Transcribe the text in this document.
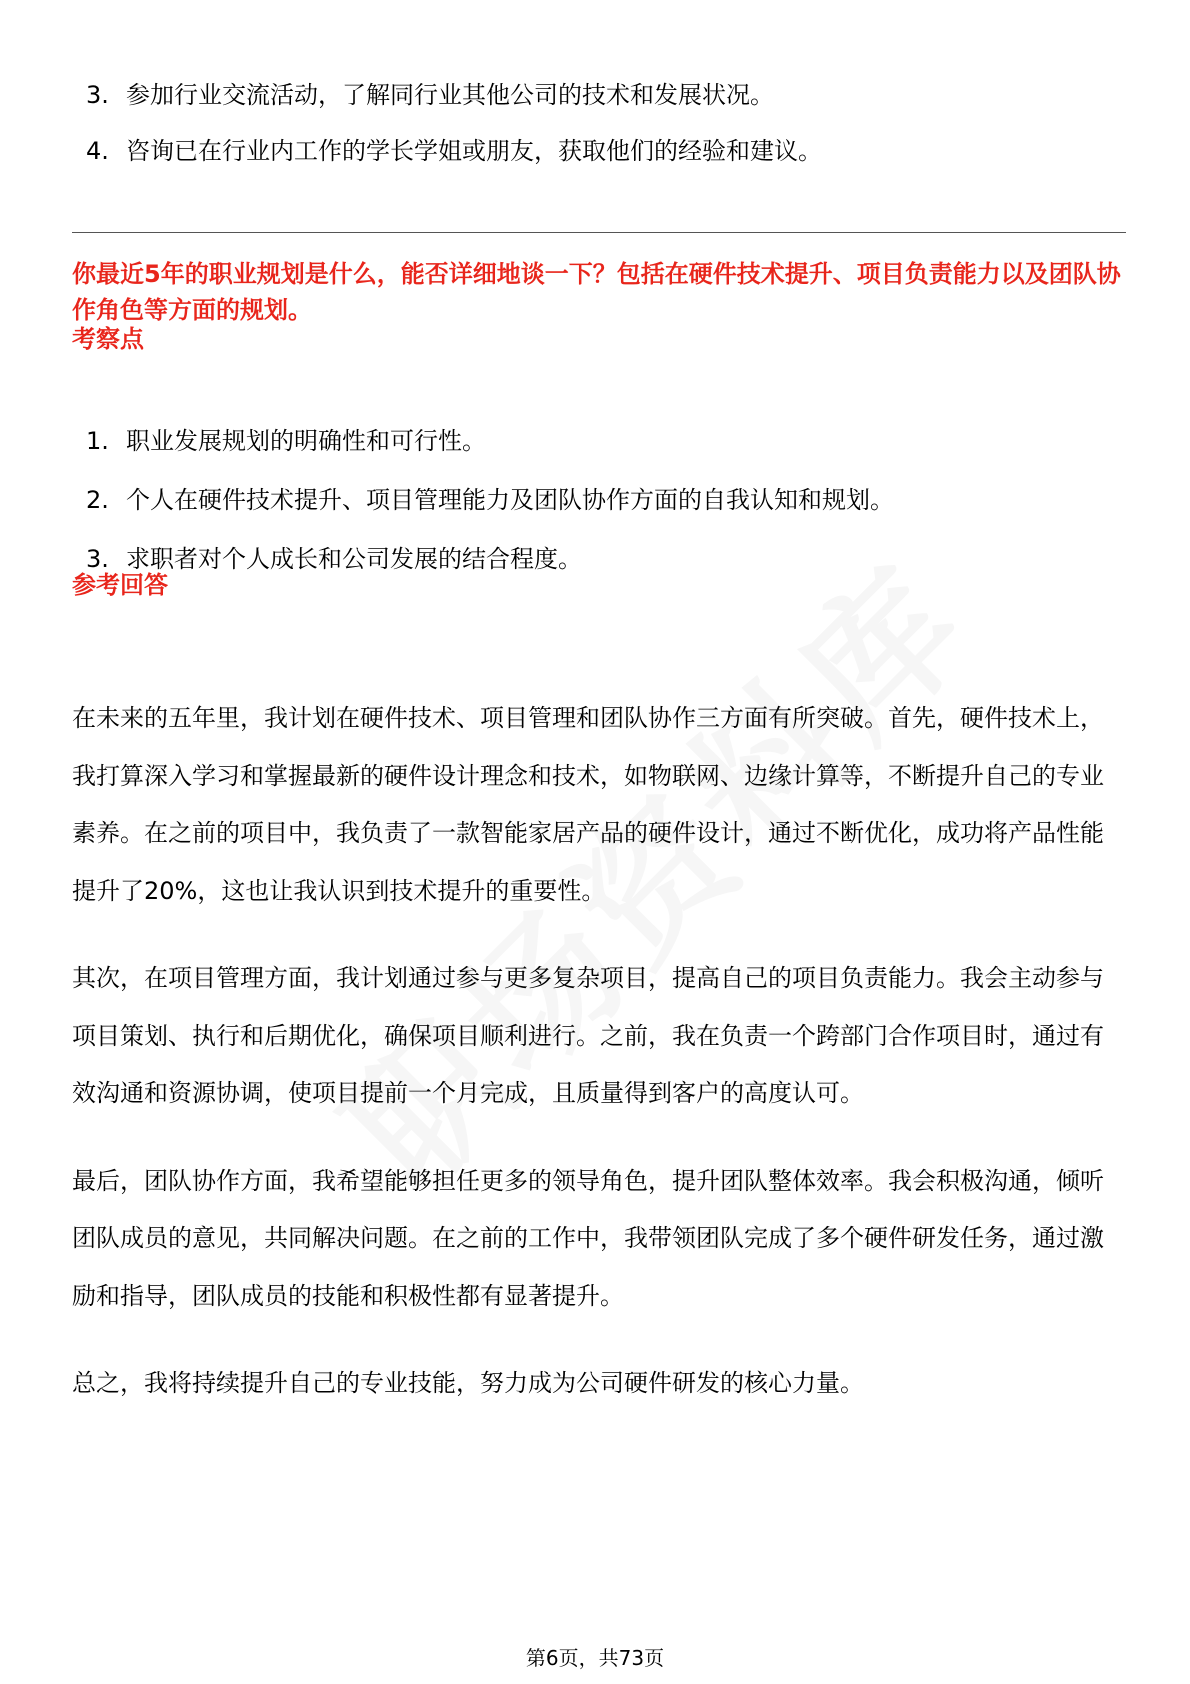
3. 参加行业交流活动，了解同行业其他公司的技术和发展状况。
4. 咨询已在行业内工作的学长学姐或朋友，获取他们的经验和建议。
你最近5年的职业规划是什么，能否详细地谈一下？包括在硬件技术提升、项目负责能力以及团队协作角色等方面的规划。
考察点
1. 职业发展规划的明确性和可行性。
2. 个人在硬件技术提升、项目管理能力及团队协作方面的自我认知和规划。
3. 求职者对个人成长和公司发展的结合程度。
参考回答

在未来的五年里，我计划在硬件技术、项目管理和团队协作三方面有所突破。首先，硬件技术上，我打算深入学习和掌握最新的硬件设计理念和技术，如物联网、边缘计算等，不断提升自己的专业素养。在之前的项目中，我负责了一款智能家居产品的硬件设计，通过不断优化，成功将产品性能提升了20%，这也让我认识到技术提升的重要性。

其次，在项目管理方面，我计划通过参与更多复杂项目，提高自己的项目负责能力。我会主动参与项目策划、执行和后期优化，确保项目顺利进行。之前，我在负责一个跨部门合作项目时，通过有效沟通和资源协调，使项目提前一个月完成，且质量得到客户的高度认可。

最后，团队协作方面，我希望能够担任更多的领导角色，提升团队整体效率。我会积极沟通，倾听团队成员的意见，共同解决问题。在之前的工作中，我带领团队完成了多个硬件研发任务，通过激励和指导，团队成员的技能和积极性都有显著提升。

总之，我将持续提升自己的专业技能，努力成为公司硬件研发的核心力量。

第6页，共73页
